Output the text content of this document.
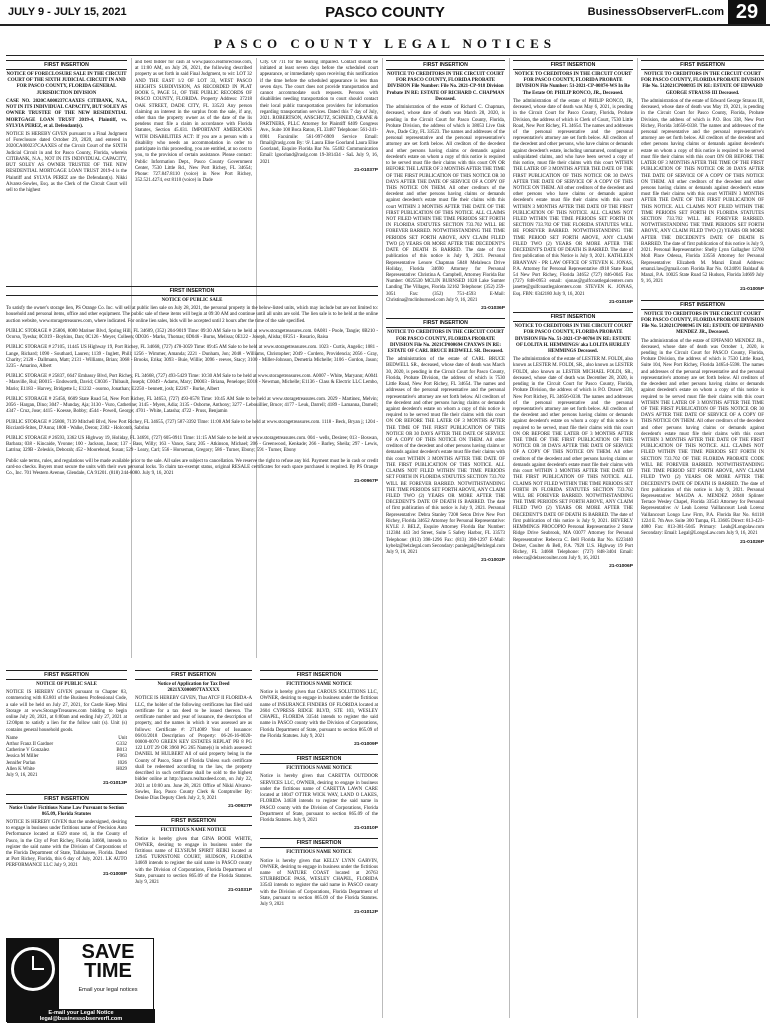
JULY 9 - JULY 15, 2021	PASCO COUNTY	BusinessObserverFL.com 29
PASCO COUNTY LEGAL NOTICES
FIRST INSERTION

NOTICE OF FORECLOSURE SALE IN THE CIRCUIT COURT OF THE SIXTH JUDICIAL CIRCUIT IN AND FOR PASCO COUNTY, FLORIDA GENERAL JURISDICTION DIVISION

CASE NO. 2020CA000237CAAXES CITIBANK, N.A., NOT IN ITS INDIVIDUAL CAPACITY, BUT SOLEY AS OWNER TRUSTEE OF THE NEW RESIDENTIAL MORTGAGE LOAN TRUST 2019-4, Plaintiff, vs. SYLVIA PEREZ, et al. Defendant(s).

NOTICE IS HEREBY GIVEN pursuant to a Final Judgment of Foreclosure dated October 29, 2020, and entered in 2020CA000237CAAXES of the Circuit Court of the SIXTH Judicial Circuit in and for Pasco County, Florida, wherein CITIBANK, N.A., NOT IN ITS INDIVIDUAL CAPACITY, BUT SOLEY AS OWNER TRUSTEE OF THE NEW RESIDENTIAL MORTGAGE LOAN TRUST 2019-4 is the Plaintiff and SYLVIA PEREZ are the Defendant(s). Nikki Alvarez-Sowles, Esq. as the Clerk of the Circuit Court will sell to the highest

and best bidder for cash at www.pasco.realforeclose.com, at 11:00 AM, on July 26, 2021, the following described property as set forth in said Final Judgment, to wit: LOT 32 AND THE EAST 1/2 OF LOT 33, WEST PASCO HEIGHTS SUBDIVISION, AS RECORDED IN PLAT BOOK 5, PAGE 51, OF THE PUBLIC RECORDS OF PASCO COUNTY, FLORIDA. Property Address: 37218 OAK STREET, DADE CITY, FL 33523 Any person claiming an interest in the surplus from the sale, if any, other than the property owner as of the date of the lis pendens must file a claim in accordance with Florida Statutes, Section 45.031. IMPORTANT AMERICANS WITH DISABILITIES ACT: If you are a person with a disability who needs an accommodation in order to participate in this proceeding, you are entitled, at no cost to you, to the provision of certain assistance. Please contact: Public Information Dept., Pasco County Government Center, 7530 Little Rd., New Port Richey, FL 34654; Phone: 727.847.8110 (voice) in New Port Richey, 352.521.4274, ext 8110 (voice) in Dade

City. Or 711 for the hearing impaired. Contact should be initiated at least seven days before the scheduled court appearance, or immediately upon receiving this notification if the time before the scheduled appearance is less than seven days. The court does not provide transportation and cannot accommodate such requests. Persons with disabilities needing transportation to court should contact their local public transportation providers for information regarding transportation services. Dated this 7 day of July, 2021. ROBERTSON, ANSCHUTZ, SCHNEID, CRANE & PARTNERS, PLLC Attorney for Plaintiff 6409 Congress Ave., Suite 100 Boca Raton, FL 33487 Telephone: 561-241-6901 Facsimile: 561-997-6909 Service Email: flmail@raslg.com By: \S\ Laura Elise Goorland Laura Elise Goorland, Esquire Florida Bar No. 55402 Communication Email: lgoorland@raslg.com 19-381434 - SaL July 9, 16, 2021

21-01037P

FIRST INSERTION

NOTICE OF PUBLIC SALE

To satisfy the owner's storage lien, PS Orange Co. Inc. will sell at public lien sale on July 28, 2021, the personal property in the below-listed units, which may include but are not limited to: household and personal items, office and other equipment. The public sale of these items will begin at 09:30 AM and continue until all units are sold. The lien sale is to be held at the online auction website, www.storagetreasures.com, where indicated. For online lien sales, bids will be accepted until 2 hours after the time of the sale specified.

PUBLIC STORAGE # 25806, 8080 Mariner Blvd, Spring Hill, FL 34609, (352) 204-9019 Time: 09:30 AM Sale to be held at www.storagetreasures.com. 0A081 - Poole, Tangie; 0B210 - Ocorso, Tyesha; 0C019 - Boykins, Dan; 0C126 - Meyer, Colleen; 0D036 - Marks, Thomas; 0D046 - Burns, Melissa; 0E122 - Joseph, Alisha; 0F251 - Rosario, Raisa

PUBLIC STORAGE # 27105, 11445 US Highway 19, Port Richey, FL 34668, (727) 478-3059 Time: 09:45 AM Sale to be held at www.storagetreasures.com. 1023 - Curtis, Angelic; 1081 - Lange, Richard; 1090 - Southard, Lauren; 1139 - Inglett, Phill; 1256 - Wimmer, Amanda; 2221 - Dunham, Jon; 2048 - Williams, Christopher; 2049 - Cordero, Providencia; 2056 - Gray, Charity; 2128 - Dallmann, Matt; 2131 - Williams, Brian; 3068 - Brooks, Erika; 3093 - Buie, Willie; 3096 - reeves, Stacy; 3100 - Miller-Johnson, Demetria Michelle; 3106 - Gordon, Jason; 3235 - Amarino, Albert

PUBLIC STORAGE # 25837, 6647 Embassy Blvd, Port Richey, FL 34668, (727) 493-5429 Time: 10:30 AM Sale to be held at www.storagetreasures.com. A0007 - White, Maryann; A0041 - Manville, Rui; B0015 - Endsworth, David; C0036 - Thibault, Joseph; C0049 - Adams, Mary; D0003 - Briana, Penelope; E018 - Newman, Michelle; E1136 - Class & Electric LLC Lembo, Mario; E1183 - Harvey, Bridgette L; E1232 - osorno, Jonathan; E2250 - bennett, josh; E2267 - Burke, Albert

PUBLIC STORAGE # 25456, 6609 State Road 54, New Port Richey, FL 34653, (727) 493-0578 Time: 10:45 AM Sale to be held at www.storagetreasures.com. 2029 - Martinez, Melvin; 2056 - Hargan, Dino; 3047 - Munday, Aja; 3130 - Vuro, Catherine; 3145 - Myers, Adia; 3135 - Osborne, Anthony; 3277 - Lebouillier, Bruce; 4177 - Leuk, Darrell; 4189 - Lamanna, Darnell; 4347 - Cruz, Jose; 4415 - Koesse, Bobby; 4544 - Powell, George; 4701 - White, Latasha; 4722 - Pruss, Benjamin

PUBLIC STORAGE # 25808, 7139 Mitchell Blvd, New Port Richey, FL 34655, (727) 587-3392 Time: 11:00 AM Sale to be held at www.storagetreasures.com. 1118 - Beck, Bryan j; 1204 - Ricciardi-Stites, D'Anna; 1808 - Walke, Deron; 2302 - Holcomb, Sabrina

PUBLIC STORAGE # 26593, 3362 US Highway 19, Holiday, FL 34691, (727) 605-0911 Time: 11:15 AM Sale to be held at www.storagetreasures.com. 004 - wells, Desiree; 013 - Boswan, Barbara; 038 - Kincaide, Yvonne; 100 - Jackson, Jason; 137 - Bass, Willy; 163 - Vance, Sara; 205 - Atkinson, Michael; 206 - Greenwood, Kenkade; 266 - Barley, Sheila; 297 - Lewis, Latrina; 329B - Zeleskis, Deborah; 452 - Moorehead, Susan; 529 - Leary, Carl; 556 - Horseman, Gregory; 586 - Turner, Ebony; 591 - Turner, Ebony

Public sale terms, rules, and regulations will be made available prior to the sale. All sales are subject to cancellation. We reserve the right to refuse any bid. Payment must be in cash or credit card-no checks. Buyers must secure the units with their own personal locks. To claim tax-exempt status, original RESALE certificates for each space purchased is required. By PS Orange Co., Inc. 701 Western Avenue, Glendale, CA 91201. (818) 244-8080. July 9, 16, 2021

21-00967P

FIRST INSERTION

NOTICE OF PUBLIC SALE

NOTICE IS HEREBY GIVEN pursuant to Chapter 83, commencing with 83.801 of the Business Professional Code, a sale will be held on July 27, 2021, for Castle Keep Mini Storage at www.StorageTreasures.com bidding to begin online July 20, 2021, at 6:00am and ending July 27, 2021 at 12:00pm to satisfy a lien for the follow unit (s). Unit (s) contains general household goods.

Name	Unit
Arthur Franz II Gardner	G332
Catherine V Gonzalez	B013
Jessica M Miller	F063
Jennifer Parlan	I026
Allen K White	H029

July 9, 16, 2021

21-01013P

FIRST INSERTION

Notice Under Fictitious Name Law Pursuant to Section 865.09, Florida Statutes

NOTICE IS HEREBY GIVEN that the undersigned, desiring to engage in business under fictitious name of Precision Auto Performance located at 6329 stone rd, in the County of Pasco, in the City of Port Richey, Florida 34668, intends to register the said name with the Division of Corporations of the Florida Department of State, Tallahassee, Florida. Dated at Port Richey, Florida, this 6 day of July, 2021. LK AUTO PERFORMANCE LLC July 9, 2021

21-01008P

FIRST INSERTION

Notice of Application for Tax Deed 2021XX000097TAXXXX

NOTICE IS HEREBY GIVEN, That ATCF II FLORIDA-A LLC, the holder of the following certificates has filed said certificate for a tax deed to be issued thereon. The certificate number and year of issuance, the description of property, and the names in which it was assessed are as follows: Certificate #: 2714089 Year of Issuance: 06/01/2018 Description of Property: 06-26-16-0020-00000-0070 GREEN KEY ESTATES REPLAT PB 8 PG 122 LOT 29 OR 3960 PG 265 Name(s) in which assessed: DANIEL M HULBERT All of said property being in the County of Pasco, State of Florida Unless such certificate shall be redeemed according to the law, the property described in such certificate shall be sold to the highest bidder online at http://pasco.realtaxdeed.com, on July 22, 2021 at 10:00 am. June 28, 2021 Office of Nikki Alvarez-Sowles, Esq. Pasco County Clerk & Comptroller By: Denise Dias Deputy Clerk July 2, 9, 2021

21-00927P

FIRST INSERTION

FICTITIOUS NAME NOTICE

Notice is hereby given that GINA BOOE WHITE, OWNER, desiring to engage in business under the fictitious name of ELYSIUM SPIRIT REIKI located at 12945 TURNSTONE COURT, HUDSON, FLORIDA 34669 intends to register the said name in PASCO county with the Division of Corporations, Florida Department of State, pursuant to section 865.09 of the Florida Statutes. July 9, 2021

21-01031P

FIRST INSERTION

FICTITIOUS NAME NOTICE

Notice is hereby given that CAROUS SOLUTIONS LLC, OWNER, desiring to engage in business under the fictitious name of INSURANCE FINDERS OF FLORIDA located at 2604 CYPRESS RIDGE BLVD, STE 103, WESLEY CHAPEL, FLORIDA 33544 intends to register the said name in PASCO county with the Division of Corporations, Florida Department of State, pursuant to section 865.09 of the Florida Statutes. July 9, 2021

21-01009P

FIRST INSERTION

FICTITIOUS NAME NOTICE

Notice is hereby given that CARETTA OUTDOOR SERVICES LLC, OWNER, desiring to engage in business under the fictitious name of CARETTA LAWN CARE located at 18047 OTTER WICK WAY, LAND O LAKES, FLORIDA 34638 intends to register the said name in PASCO county with the Division of Corporations, Florida Department of State, pursuant to section 865.09 of the Florida Statutes. July 9, 2021

21-01010P

FIRST INSERTION

FICTITIOUS NAME NOTICE

Notice is hereby given that KELLY LYNN GARVIN, OWNER, desiring to engage in business under the fictitious name of NATURE COAST located at 26763 STURBRIDGE PASS, WESLEY CHAPEL, FLORIDA 33543 intends to register the said name in PASCO county with the Division of Corporations, Florida Department of State, pursuant to section 865.09 of the Florida Statutes. July 9, 2021

21-01012P

FIRST INSERTION

NOTICE TO CREDITORS IN THE CIRCUIT COURT FOR PASCO COUNTY, FLORIDA PROBATE DIVISION File Number: File No. 2021-CP-918 Division Probate IN RE: ESTATE OF RICHARD C. CHAPMAN Deceased.

The administration of the estate of Richard C. Chapman, deceased, whose date of death was March 28, 2020, is pending in the Circuit Court for Pasco County, Florida, Probate Division, the address of which is 38053 Live Oak Ave., Dade City, FL 33523. The names and addresses of the personal representative and the personal representative's attorney are set forth below. All creditors of the decedent and other persons having claims or demands against decedent's estate on whom a copy of this notice is required to be served must file their claims with this court ON OR BEFORE THE LATER OF 3 MONTHS AFTER THE TIME OF THE FIRST PUBLICATION OF THIS NOTICE OR 30 DAYS AFTER THE DATE OF SERVICE OF A COPY OF THIS NOTICE ON THEM. All other creditors of the decedent and other persons having claims or demands against decedent's estate must file their claims with this court WITHIN 3 MONTHS AFTER THE DATE OF THE FIRST PUBLICATION OF THIS NOTICE. ALL CLAIMS NOT FILED WITHIN THE TIME PERIODS SET FORTH IN FLORIDA STATUTES SECTION 733.702 WILL BE FOREVER BARRED. NOTWITHSTANDING THE TIME PERIODS SET FORTH ABOVE, ANY CLAIM FILED TWO (2) YEARS OR MORE AFTER THE DECEDENT'S DATE OF DEATH IS BARRED. The date of first publication of this notice is July 9, 2021. Personal Representative Lenore Chapman 5848 Melaleuca Drive Holiday, Florida 34690 Attorney for Personal Representative: Christina A. Campbell, Attorney Florida Bar Number: 0025530 MCLIN BURNSED 1028 Lake Sumter Landing The Villages, Florida 32162 Telephone: (352) 259-3051 Fax: (352) 751-4593 E-Mail: Christina@mclinburnsed.com July 9, 16, 2021

21-01036P

FIRST INSERTION

NOTICE TO CREDITORS IN THE CIRCUIT COURT FOR PASCO COUNTY, FLORIDA PROBATE DIVISION File No. 2021CP000694 CPAXWS IN RE: ESTATE OF CARL BRUCE BEDWELL SR. Deceased.

The administration of the estate of CARL BRUCE BEDWELL SR., deceased, whose date of death was March 30, 2020, is pending in the Circuit Court for Pasco County, Florida, Probate Division, the address of which is 7530 Little Road, New Port Richey, FL 34654. The names and addresses of the personal representative and the personal representative's attorney are set forth below. All creditors of the decedent and other persons having claims or demands against decedent's estate on whom a copy of this notice is required to be served must file their claims with this court ON OR BEFORE THE LATER OF 3 MONTHS AFTER THE TIME OF THE FIRST PUBLICATION OF THIS NOTICE OR 30 DAYS AFTER THE DATE OF SERVICE OF A COPY OF THIS NOTICE ON THEM. All other creditors of the decedent and other persons having claims or demands against decedent's estate must file their claims with this court WITHIN 3 MONTHS AFTER THE DATE OF THE FIRST PUBLICATION OF THIS NOTICE. ALL CLAIMS NOT FILED WITHIN THE TIME PERIODS SET FORTH IN FLORIDA STATUTES SECTION 733.702 WILL BE FOREVER BARRED. NOTWITHSTANDING THE TIME PERIODS SET FORTH ABOVE, ANY CLAIM FILED TWO (2) YEARS OR MORE AFTER THE DECEDENT'S DATE OF DEATH IS BARRED. The date of first publication of this notice is July 9, 2021. Personal Representative: Debra Stanley 7208 Seton Drive New Port Richey, Florida 34652 Attorney for Personal Representative: KYLE J. BELZ, Esquire Attorney Florida Bar Number: 112384 443 3rd Street, Suite 5 Safety Harbor, FL 33573 Telephone: (813) 398-1296 Fax: (813) 398-1297 E-Mail: kybelz@belzlegal.com Secondary: paralegal@belzlegal.com July 9, 16, 2021

21-01002P

FIRST INSERTION

NOTICE TO CREDITORS IN THE CIRCUIT COURT FOR PASCO COUNTY, FLORIDA PROBATE DIVISION File Number: 51-2021-CP-00874-WS In Re The Estate Of: PHILIP RONCO, JR., Deceased.

The administration of the estate of PHILIP RONCO, JR, deceased, whose date of death was May 6, 2021, is pending in the Circuit Court for Pasco County, Florida, Probate Division, the address of which is Clerk of Court, 7530 Little Road, New Port Richey, FL 34654. The names and addresses of the personal representative and the personal representative's attorney are set forth below. All creditors of the decedent and other persons, who have claims or demands against decedent's estate, including unmatured, contingent or unliquidated claims, and who have been served a copy of this notice, must file their claims with this court WITHIN THE LATER OF 3 MONTHS AFTER THE DATE OF THE FIRST PUBLICATION OF THIS NOTICE OR 30 DAYS AFTER THE DATE OF SERVICE OF A COPY OF THIS NOTICE ON THEM. All other creditors of the decedent and other persons who have claims or demands against decedent's estate must file their claims with this court WITHIN 3 MONTHS AFTER THE DATE OF THE FIRST PUBLICATION OF THIS NOTICE. ALL CLAIMS NOT FILED WITHIN THE TIME PERIODS SET FORTH IN SECTION 733.702 OF THE FLORIDA STATUTES WILL BE FOREVER BARRED. NOTWITHSTANDING THE TIME PERIOD SET FORTH ABOVE, ANY CLAIM FILED TWO (2) YEARS OR MORE AFTER THE DECEDENT'S DATE OF DEATH IS BARRED. The date of first publication of this Notice is July 9, 2021. KATHLEEN BRANYAN - PR LAW OFFICE OF STEVEN K. JONAS, P.A. Attorney for Personal Representative 4918 State Road 54 New Port Richey, Florida 34652 (727) 846-0045 Fax (727) 848-0953 email: sjonas@gulfcoastlegalcenters.com janette@gulfcoastlegalcenters.com STEVEN K. JONAS, Esq. FBN: 0342180 July 9, 16, 2021

21-01019P

FIRST INSERTION

NOTICE TO CREDITORS IN THE CIRCUIT COURT FOR PASCO COUNTY, FLORIDA PROBATE DIVISION File No. 51-2021-CP-00784 IN RE: ESTATE OF LOLITA H. HEMMINGS/ aka LOLITA HURLEY HEMMINGS Deceased.

The administration of the estate of LESTER M. FOLDI, also known as LESTER M. FOLDI, SR., also known as LESTER FOLDI, also known as LESTER MICHAEL FOLDI, SR., deceased, whose date of death was December 28, 2020, is pending in the Circuit Court for Pasco County, Florida, Probate Division, the address of which is P.O. Drawer 338, New Port Richey, FL 34656-0338. The names and addresses of the personal representative and the personal representative's attorney are set forth below. All creditors of the decedent and other persons having claims or demands against decedent's estate on whom a copy of this notice is required to be served, must file their claims with this court ON OR BEFORE THE LATER OF 3 MONTHS AFTER THE TIME OF THE FIRST PUBLICATION OF THIS NOTICE OR 30 DAYS AFTER THE DATE OF SERVICE OF A COPY OF THIS NOTICE ON THEM. All other creditors of the decedent and other persons having claims or demands against decedent's estate must file their claims with this court WITHIN 3 MONTHS AFTER THE DATE OF THE FIRST PUBLICATION OF THIS NOTICE. ALL CLAIMS NOT FILED WITHIN THE TIME PERIODS SET FORTH IN FLORIDA STATUTES SECTION 733.702 WILL BE FOREVER BARRED. NOTWITHSTANDING THE TIME PERIODS SET FORTH ABOVE, ANY CLAIM FILED TWO (2) YEARS OR MORE AFTER THE DECEDENT'S DATE OF DEATH IS BARRED. The date of first publication of this notice is July 9, 2021. BEVERLY HEMMINGS PROCOPIO Personal Representative 2 Stone Ridge Drive Seabrook, MA 03077 Attorney for Personal Representative: Rebecca C. Bell Florida Bar No. 0223440 Delzer, Coulter & Bell, P.A. 7920 U.S. Highway 19 Port Richey, FL 34668 Telephone: (727) 848-3404 Email: rebecca@delzercoulter.com July 9, 16, 2021

21-01006P

FIRST INSERTION

NOTICE TO CREDITORS IN THE CIRCUIT COURT FOR PASCO COUNTY, FLORIDA PROBATE DIVISION File No. 512021CP000935 IN RE: ESTATE OF EDWARD GEORGE STRAUSS III Deceased.

The administration of the estate of Edward George Strauss III, deceased, whose date of death was May 19, 2021, is pending in the Circuit Court for Pasco County, Florida, Probate Division, the address of which is P.O. Box 338, New Port Richey, Florida 34656-0338. The names and addresses of the personal representative and the personal representative's attorney are set forth below. All creditors of the decedent and other persons having claims or demands against decedent's estate on whom a copy of this notice is required to be served must file their claims with this court ON OR BEFORE THE LATER OF 3 MONTHS AFTER THE TIME OF THE FIRST PUBLICATION OF THIS NOTICE OR 30 DAYS AFTER THE DATE OF SERVICE OF A COPY OF THIS NOTICE ON THEM. All other creditors of the decedent and other persons having claims or demands against decedent's estate must file their claims with this court WITHIN 3 MONTHS AFTER THE DATE OF THE FIRST PUBLICATION OF THIS NOTICE. ALL CLAIMS NOT FILED WITHIN THE TIME PERIODS SET FORTH IN FLORIDA STATUTES SECTION 733.702 WILL BE FOREVER BARRED. NOTWITHSTANDING THE TIME PERIODS SET FORTH ABOVE, ANY CLAIM FILED TWO (2) YEARS OR MORE AFTER THE DECEDENT'S DATE OF DEATH IS BARRED. The date of first publication of this notice is July 9, 2021. Personal Representative: Shelly Lynn Gallagher 12760 Moll Place Odessa, Florida 33556 Attorney for Personal Representative: Elizabeth M. Manzi Email Address: emanzi.law@gmail.com Florida Bar No. 0124091 Baldauf & Manzi, P.A. 10025 State Road 52 Hudson, Florida 34669 July 9, 16, 2021

21-01005P

FIRST INSERTION

NOTICE TO CREDITORS IN THE CIRCUIT COURT FOR PASCO COUNTY, FLORIDA PROBATE DIVISION File No. 512021CP000945 IN RE: ESTATE OF EPIFANIO MENDEZ JR., Deceased.

The administration of the estate of EPIFANIO MENDEZ JR., deceased, whose date of death was October 1, 2020, is pending in the Circuit Court for PASCO County, Florida, Probate Division, the address of which is 7530 Little Road, Suite 104, New Port Richey, Florida 34654-5598. The names and addresses of the personal representative and the personal representative's attorney are set forth below. All creditors of the decedent and other persons having claims or demands against decedent's estate on whom a copy of this notice is required to be served must file their claims with this court WITHIN THE LATER OF 3 MONTHS AFTER THE TIME OF THE FIRST PUBLICATION OF THIS NOTICE OR 30 DAYS AFTER THE DATE OF SERVICE OF A COPY OF THIS NOTICE ON THEM. All other creditors of the decedent and other persons having claims or demands against decedent's estate must file their claims with this court WITHIN 3 MONTHS AFTER THE DATE OF THE FIRST PUBLICATION OF THIS NOTICE. ALL CLAIMS NOT FILED WITHIN THE TIME PERIODS SET FORTH IN SECTION 733.702 OF THE FLORIDA PROBATE CODE WILL BE FOREVER BARRED. NOTWITHSTANDING THE TIME PERIOD SET FORTH ABOVE, ANY CLAIM FILED TWO (2) YEARS OR MORE AFTER THE DECEDENT'S DATE OF DEATH IS BARRED. The date of first publication of this notice is July 9, 2021. Personal Representative: MAGDA A. MENDEZ 26940 Splinter Terrace Wesley Chapel, Florida 33543 Attorney for Personal Representative: /s/ Leah Lorenz Vaillancourt Leah Lorenz Vaillancourt Longo Law Firm, P.A. Florida Bar No. 84118 1224 E. 7th Ave. Suite 300 Tampa, FL 33605 Direct: 813-423-4080 Fax: 813-381-5045 Primary: Leah@Longolaw.com Secondary: Email: Legal@LongoLaw.com July 9, 16, 2021

21-01026P

SAVE TIME
Email your legal notices
E-mail your Legal Notice legal@businessobserverfl.com
